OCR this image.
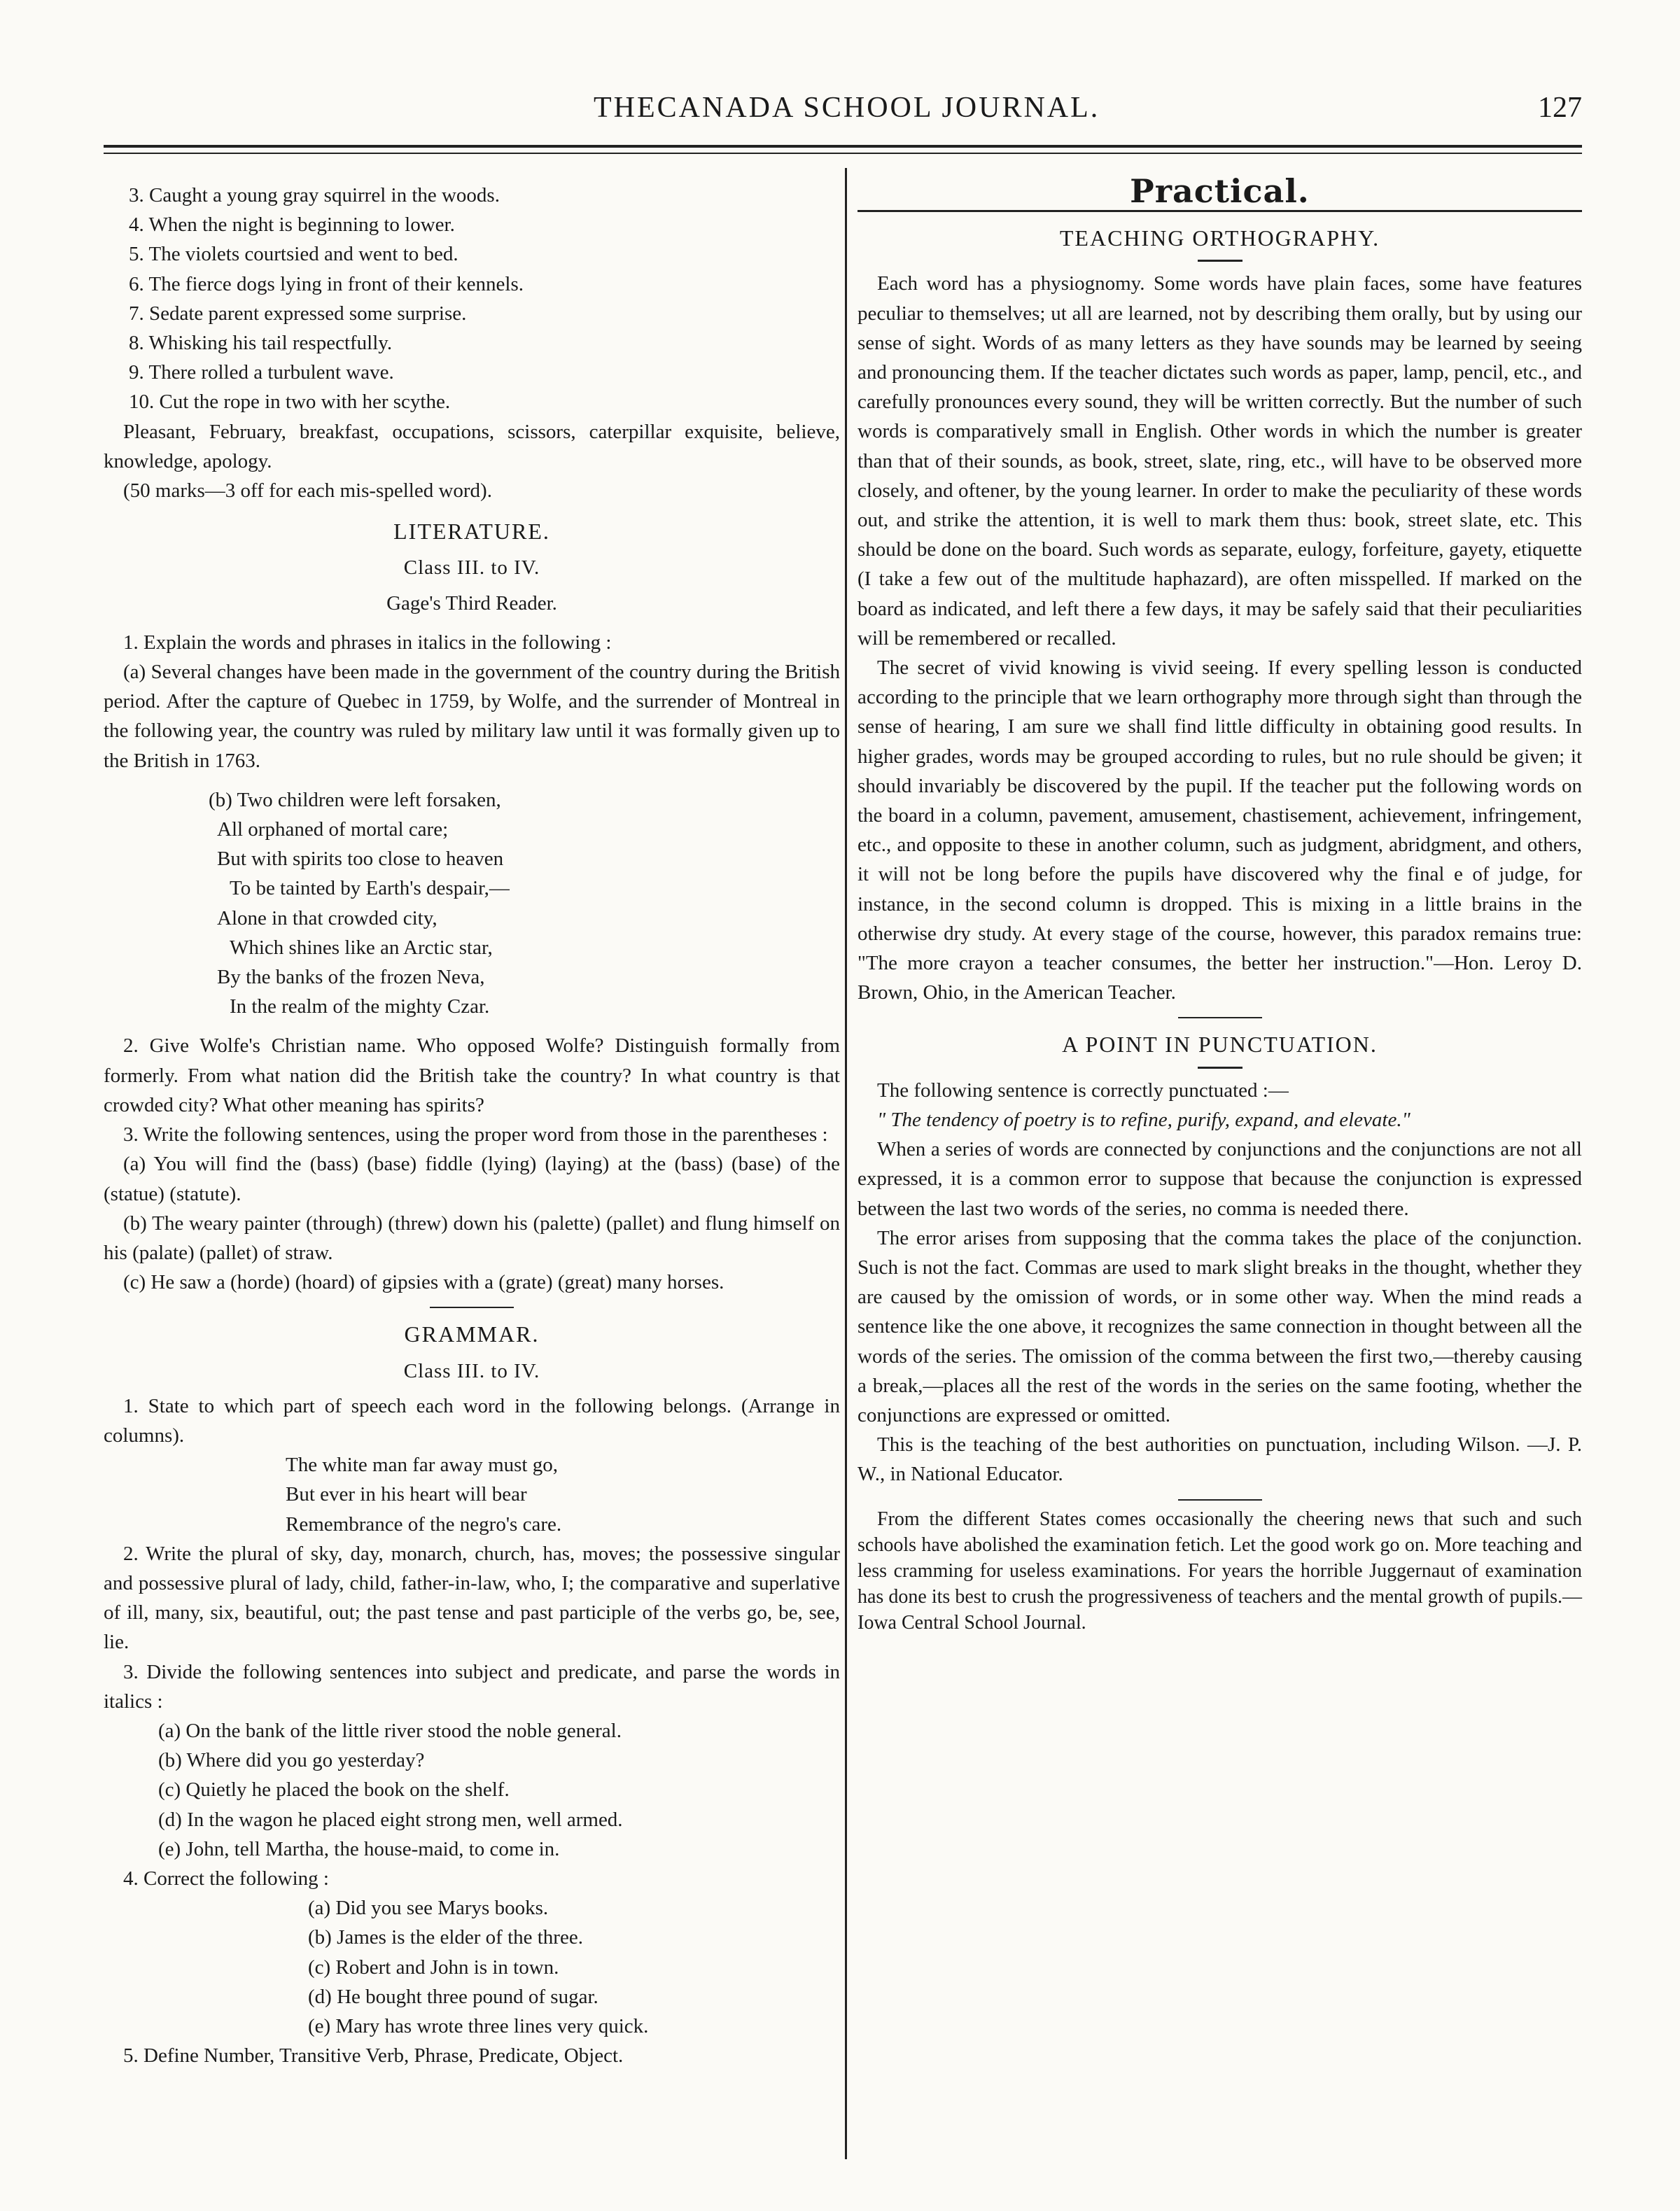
THECANADA SCHOOL JOURNAL.	127

3. Caught a young gray squirrel in the woods.

4. When the night is beginning to lower.

5. The violets courtsied and went to bed.

6. The fierce dogs lying in front of their kennels.

7. Sedate parent expressed some surprise.

8. Whisking his tail respectfully.

9. There rolled a turbulent wave.

10. Cut the rope in two with her scythe.

Pleasant, February, breakfast, occupations, scissors, caterpillar exquisite, believe, knowledge, apology.

(50 marks—3 off for each mis-spelled word).

LITERATURE.
Class III. to IV.
Gage's Third Reader.

1. Explain the words and phrases in italics in the following :

(a) Several changes have been made in the government of the country during the British period. After the capture of Quebec in 1759, by Wolfe, and the surrender of Montreal in the following year, the country was ruled by military law until it was formally given up to the British in 1763.

(b) Two children were left forsaken,

All orphaned of mortal care;

But with spirits too close to heaven

To be tainted by Earth's despair,—

Alone in that crowded city,

Which shines like an Arctic star,

By the banks of the frozen Neva,

In the realm of the mighty Czar.

2. Give Wolfe's Christian name. Who opposed Wolfe? Distinguish formally from formerly. From what nation did the British take the country? In what country is that crowded city? What other meaning has spirits?

3. Write the following sentences, using the proper word from those in the parentheses :

(a) You will find the (bass) (base) fiddle (lying) (laying) at the (bass) (base) of the (statue) (statute).

(b) The weary painter (through) (threw) down his (palette) (pallet) and flung himself on his (palate) (pallet) of straw.

(c) He saw a (horde) (hoard) of gipsies with a (grate) (great) many horses.

GRAMMAR.
Class III. to IV.

1. State to which part of speech each word in the following belongs. (Arrange in columns).

The white man far away must go,

But ever in his heart will bear

Remembrance of the negro's care.

2. Write the plural of sky, day, monarch, church, has, moves; the possessive singular and possessive plural of lady, child, father-in-law, who, I; the comparative and superlative of ill, many, six, beautiful, out; the past tense and past participle of the verbs go, be, see, lie.

3. Divide the following sentences into subject and predicate, and parse the words in italics :

(a) On the bank of the little river stood the noble general.

(b) Where did you go yesterday?

(c) Quietly he placed the book on the shelf.

(d) In the wagon he placed eight strong men, well armed.

(e) John, tell Martha, the house-maid, to come in.

4. Correct the following :

(a) Did you see Marys books.

(b) James is the elder of the three.

(c) Robert and John is in town.

(d) He bought three pound of sugar.

(e) Mary has wrote three lines very quick.

5. Define Number, Transitive Verb, Phrase, Predicate, Object.

Practical.
TEACHING ORTHOGRAPHY.

Each word has a physiognomy. Some words have plain faces, some have features peculiar to themselves; ut all are learned, not by describing them orally, but by using our sense of sight. Words of as many letters as they have sounds may be learned by seeing and pronouncing them. If the teacher dictates such words as paper, lamp, pencil, etc., and carefully pronounces every sound, they will be written correctly. But the number of such words is comparatively small in English. Other words in which the number is greater than that of their sounds, as book, street, slate, ring, etc., will have to be observed more closely, and oftener, by the young learner. In order to make the peculiarity of these words out, and strike the attention, it is well to mark them thus: book, street slate, etc. This should be done on the board. Such words as separate, eulogy, forfeiture, gayety, etiquette (I take a few out of the multitude haphazard), are often misspelled. If marked on the board as indicated, and left there a few days, it may be safely said that their peculiarities will be remembered or recalled.

The secret of vivid knowing is vivid seeing. If every spelling lesson is conducted according to the principle that we learn orthography more through sight than through the sense of hearing, I am sure we shall find little difficulty in obtaining good results. In higher grades, words may be grouped according to rules, but no rule should be given; it should invariably be discovered by the pupil. If the teacher put the following words on the board in a column, pavement, amusement, chastisement, achievement, infringement, etc., and opposite to these in another column, such as judgment, abridgment, and others, it will not be long before the pupils have discovered why the final e of judge, for instance, in the second column is dropped. This is mixing in a little brains in the otherwise dry study. At every stage of the course, however, this paradox remains true: "The more crayon a teacher consumes, the better her instruction."—Hon. Leroy D. Brown, Ohio, in the American Teacher.

A POINT IN PUNCTUATION.

The following sentence is correctly punctuated :—

" The tendency of poetry is to refine, purify, expand, and elevate."

When a series of words are connected by conjunctions and the conjunctions are not all expressed, it is a common error to suppose that because the conjunction is expressed between the last two words of the series, no comma is needed there.

The error arises from supposing that the comma takes the place of the conjunction. Such is not the fact. Commas are used to mark slight breaks in the thought, whether they are caused by the omission of words, or in some other way. When the mind reads a sentence like the one above, it recognizes the same connection in thought between all the words of the series. The omission of the comma between the first two,—thereby causing a break,—places all the rest of the words in the series on the same footing, whether the conjunctions are expressed or omitted.

This is the teaching of the best authorities on punctuation, including Wilson. —J. P. W., in National Educator.

From the different States comes occasionally the cheering news that such and such schools have abolished the examination fetich. Let the good work go on. More teaching and less cramming for useless examinations. For years the horrible Juggernaut of examination has done its best to crush the progressiveness of teachers and the mental growth of pupils.—Iowa Central School Journal.
